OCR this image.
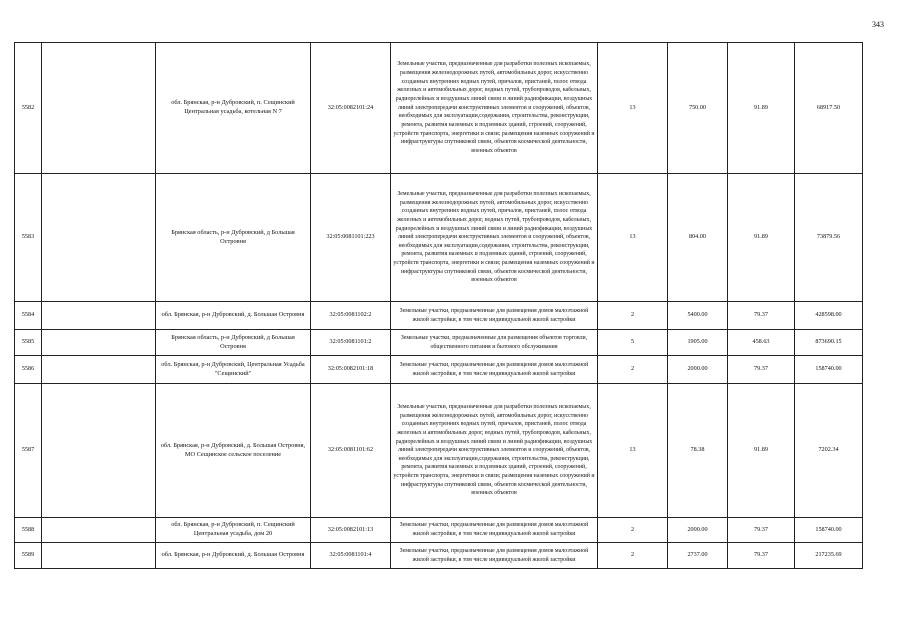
343
5582		обл. Брянская, р-н Дубровский, п. Сещинский Центральная усадьба, котельная N 7	32:05:0082101:24	Земельные участки, предназначенные для разработки полезных ископаемых, размещения железнодорожных путей, автомобильных дорог, искусственно созданных внутренних водных путей, причалов, пристаней, полос отвода железных и автомобильных дорог, водных путей, трубопроводов, кабельных, радиорелейных и воздушных линий связи и линий радиофикации, воздушных линий электропередачи конструктивных элементов и сооружений, объектов, необходимых для эксплуатации,содержания, строительства, реконструкции, ремонта, развития наземных и подземных зданий, строений, сооружений, устройств транспорта, энергетики и связи; размещения наземных сооружений и инфраструктуры спутниковой связи, объектов космической деятельности, военных объектов	13	750.00	91.89	68917.50
5583		Брянская область, р-н Дубровский, д Большая Островня	32:05:0081101:223	Земельные участки, предназначенные для разработки полезных ископаемых, размещения железнодорожных путей, автомобильных дорог, искусственно созданных внутренних водных путей, причалов, пристаней, полос отвода железных и автомобильных дорог, водных путей, трубопроводов, кабельных, радиорелейных и воздушных линий связи и линий радиофикации, воздушных линий электропередачи конструктивных элементов и сооружений, объектов, необходимых для эксплуатации,содержания, строительства, реконструкции, ремонта, развития наземных и подземных зданий, строений, сооружений, устройств транспорта, энергетики и связи; размещения наземных сооружений и инфраструктуры спутниковой связи, объектов космической деятельности, военных объектов	13	804.00	91.89	73879.56
5584		обл. Брянская, р-н Дубровский, д. Большая Островня	32:05:0081102:2	Земельные участки, предназначенные для размещения домов малоэтажной жилой застройки, в том числе индивидуальной жилой застройки	2	5400.00	79.37	428598.00
5585		Брянская область, р-н Дубровский, д Большая Островня	32:05:0081101:2	Земельные участки, предназначенные для размещения объектов торговли, общественного питания и бытового обслуживания	5	1905.00	458.63	873690.15
5586		обл. Брянская, р-н Дубровский, Центральная Усадьба "Сещинский"	32:05:0082101:18	Земельные участки, предназначенные для размещения домов малоэтажной жилой застройки, в том числе индивидуальной жилой застройки	2	2000.00	79.37	158740.00
5587		обл. Брянская, р-н Дубровский, д. Большая Островня, МО Сещинское сельское поселение	32:05:0081101:62	Земельные участки, предназначенные для разработки полезных ископаемых, размещения железнодорожных путей, автомобильных дорог, искусственно созданных внутренних водных путей, причалов, пристаней, полос отвода железных и автомобильных дорог, водных путей, трубопроводов, кабельных, радиорелейных и воздушных линий связи и линий радиофикации, воздушных линий электропередачи конструктивных элементов и сооружений, объектов, необходимых для эксплуатации,содержания, строительства, реконструкции, ремонта, развития наземных и подземных зданий, строений, сооружений, устройств транспорта, энергетики и связи; размещения наземных сооружений и инфраструктуры спутниковой связи, объектов космической деятельности, военных объектов	13	78.38	91.89	7202.34
5588		обл. Брянская, р-н Дубровский, п. Сещинский Центральная усадьба, дом 20	32:05:0082101:13	Земельные участки, предназначенные для размещения домов малоэтажной жилой застройки, в том числе индивидуальной жилой застройки	2	2000.00	79.37	158740.00
5589		обл. Брянская, р-н Дубровский, д. Большая Островня	32:05:0081101:4	Земельные участки, предназначенные для размещения домов малоэтажной жилой застройки, в том числе индивидуальной жилой застройки	2	2737.00	79.37	217235.69
